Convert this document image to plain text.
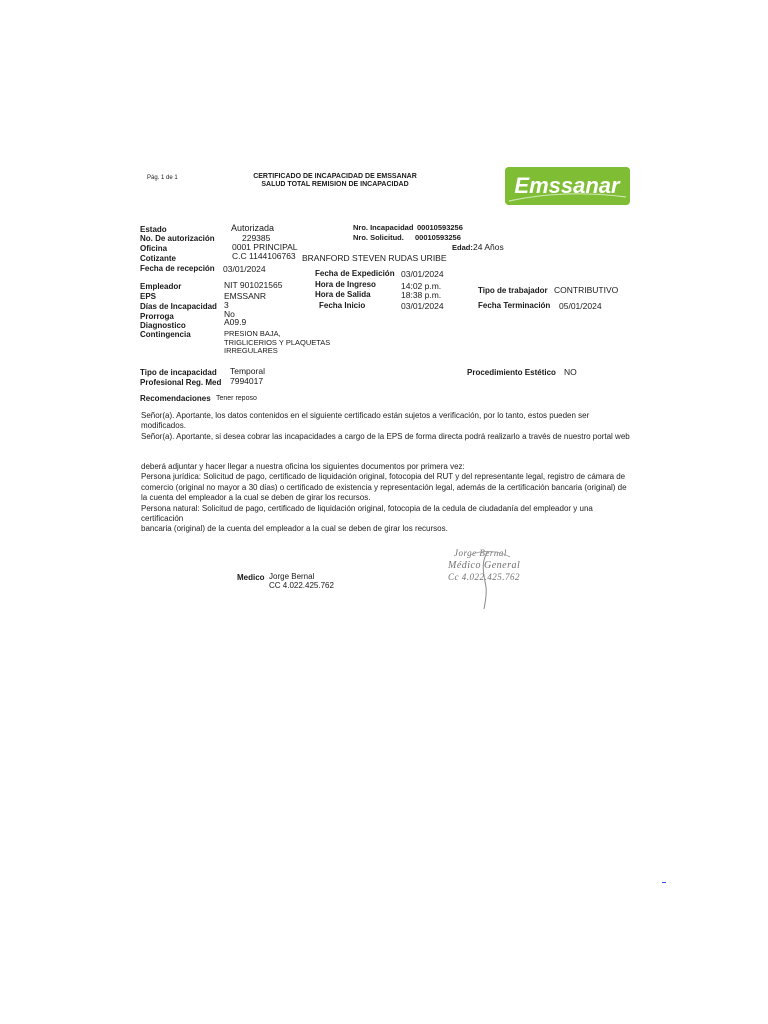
Pág. 1 de 1	CERTIFICADO DE INCAPACIDAD DE EMSSANAR
SALUD TOTAL REMISION DE INCAPACIDAD	Emssanar
Estado	Autorizada
No. De autorización	229385
Oficina	0001 PRINCIPAL
Cotizante	C.C 1144106763 BRANFORD STEVEN RUDAS URIBE
Fecha de recepción 03/01/2024
Nro. Incapacidad 00010593256
Nro. Solicitud. 00010593256
Edad: 24 Años
Empleador	NIT 901021565
EPS	EMSSANR
Días de Incapacidad 3
Prorroga	No
Diagnostico	A09.9
Contingencia	PRESION BAJA, TRIGLICERIOS Y PLAQUETAS IRREGULARES
Fecha de Expedición 03/01/2024
Hora de Ingreso	14:02 p.m.
Hora de Salida	18:38 p.m.
Fecha Inicio	03/01/2024
Tipo de trabajador CONTRIBUTIVO
Fecha Terminación 05/01/2024
Tipo de incapacidad Temporal
Profesional Reg. Med 7994017
Procedimiento Estético NO
Recomendaciones Tener reposo

Señor(a). Aportante, los datos contenidos en el siguiente certificado están sujetos a verificación, por lo tanto, estos pueden ser modificados.

Señor(a). Aportante, si desea cobrar las incapacidades a cargo de la EPS de forma directa podrá realizarlo a través de nuestro portal web

deberá adjuntar y hacer llegar a nuestra oficina los siguientes documentos por primera vez:

Persona jurídica: Solicitud de pago, certificado de liquidación original, fotocopia del RUT y del representante legal, registro de cámara de comercio (original no mayor a 30 días) o certificado de existencia y representación legal, además de la certificación bancaria (original) de la cuenta del empleador a la cual se deben de girar los recursos.

Persona natural: Solicitud de pago, certificado de liquidación original, fotocopia de la cedula de ciudadanía del empleador y una certificación

bancaria (original) de la cuenta del empleador a la cual se deben de girar los recursos.

Medico Jorge Bernal
CC 4.022.425.762
Jorge Bernal
Médico General
Cc 4.022.425.762
